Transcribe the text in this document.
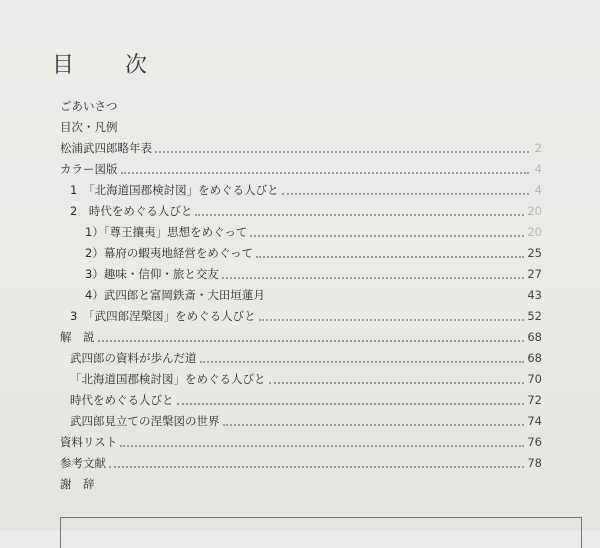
目 次
ごあいさつ
目次・凡例
松浦武四郎略年表	2
カラー図版	4
1　「北海道国郡検討図」をめぐる人びと	4
2　時代をめぐる人びと	20
1）「尊王攘夷」思想をめぐって	20
2）幕府の蝦夷地経営をめぐって	25
3）趣味・信仰・旅と交友	27
4）武四郎と富岡鉄斎・大田垣蓮月	43
3　「武四郎涅槃図」をめぐる人びと	52
解　説	68
武四郎の資料が歩んだ道	68
「北海道国郡検討図」をめぐる人びと	70
時代をめぐる人びと	72
武四郎見立ての涅槃図の世界	74
資料リスト	76
参考文献	78
謝　辞
